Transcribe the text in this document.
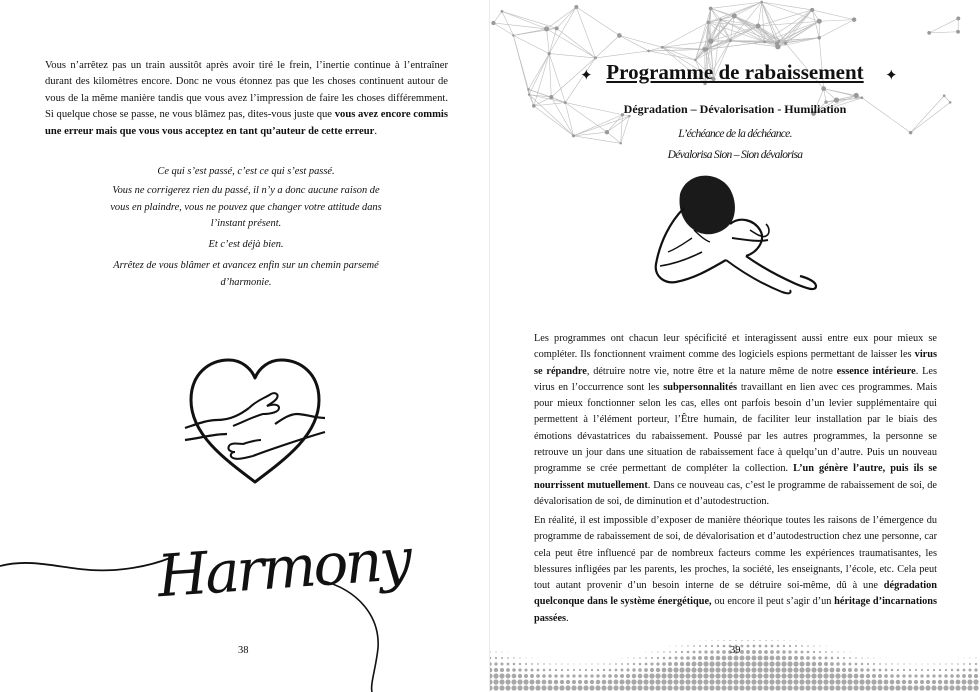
Vous n’arrêtez pas un train aussitôt après avoir tiré le frein, l’inertie continue à l’entraîner durant des kilomètres encore. Donc ne vous étonnez pas que les choses continuent autour de vous de la même manière tandis que vous avez l’impression de faire les choses différemment. Si quelque chose se passe, ne vous blâmez pas, dites-vous juste que vous avez encore commis une erreur mais que vous vous acceptez en tant qu’auteur de cette erreur.

Ce qui s’est passé, c’est ce qui s’est passé.

Vous ne corrigerez rien du passé, il n’y a donc aucune raison de vous en plaindre, vous ne pouvez que changer votre attitude dans l’instant présent.

Et c’est déjà bien.

Arrêtez de vous blâmer et avancez enfin sur un chemin parsemé d’harmonie.

Harmony

38

Programme de rabaissement
✦	✦

Dégradation – Dévalorisation - Humiliation

L’échéance de la déchéance.

Dévalorisa Sion – Sion dévalorisa

Les programmes ont chacun leur spécificité et interagissent aussi entre eux pour mieux se compléter. Ils fonctionnent vraiment comme des logiciels espions permettant de laisser les virus se répandre, détruire notre vie, notre être et la nature même de notre essence intérieure. Les virus en l’occurrence sont les subpersonnalités travaillant en lien avec ces programmes. Mais pour mieux fonctionner selon les cas, elles ont parfois besoin d’un levier supplémentaire qui permettent à l’élément porteur, l’Être humain, de faciliter leur installation par le biais des émotions dévastatrices du rabaissement. Poussé par les autres programmes, la personne se retrouve un jour dans une situation de rabaissement face à quelqu’un d’autre. Puis un nouveau programme se crée permettant de compléter la collection. L’un génère l’autre, puis ils se nourrissent mutuellement. Dans ce nouveau cas, c’est le programme de rabaissement de soi, de dévalorisation de soi, de diminution et d’autodestruction.

En réalité, il est impossible d’exposer de manière théorique toutes les raisons de l’émergence du programme de rabaissement de soi, de dévalorisation et d’autodestruction chez une personne, car cela peut être influencé par de nombreux facteurs comme les expériences traumatisantes, les blessures infligées par les parents, les proches, la société, les enseignants, l’école, etc. Cela peut tout autant provenir d’un besoin interne de se détruire soi-même, dû à une dégradation quelconque dans le système énergétique, ou encore il peut s’agir d’un héritage d’incarnations passées.

39
